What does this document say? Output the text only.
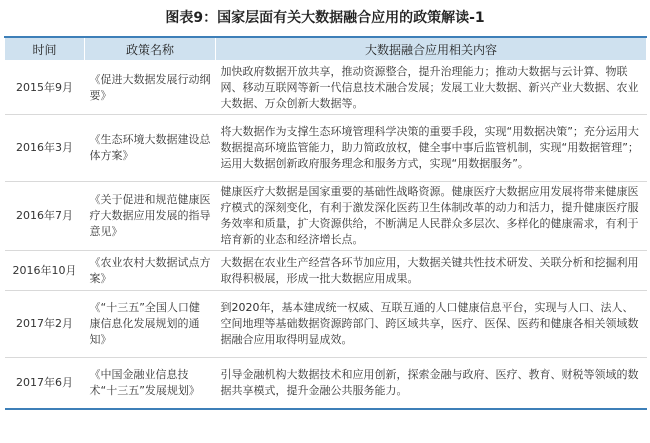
图表9：国家层面有关大数据融合应用的政策解读-1
时间	政策名称	大数据融合应用相关内容
2015年9月	《促进大数据发展行动纲要》	加快政府数据开放共享，推动资源整合，提升治理能力；推动大数据与云计算、物联网、移动互联网等新一代信息技术融合发展；发展工业大数据、新兴产业大数据、农业大数据、万众创新大数据等。
2016年3月	《生态环境大数据建设总体方案》	将大数据作为支撑生态环境管理科学决策的重要手段，实现“用数据决策”；充分运用大数据提高环境监管能力，助力简政放权，健全事中事后监管机制，实现“用数据管理”；运用大数据创新政府服务理念和服务方式，实现“用数据服务”。
2016年7月	《关于促进和规范健康医疗大数据应用发展的指导意见》	健康医疗大数据是国家重要的基础性战略资源。健康医疗大数据应用发展将带来健康医疗模式的深刻变化，有利于激发深化医药卫生体制改革的动力和活力，提升健康医疗服务效率和质量，扩大资源供给，不断满足人民群众多层次、多样化的健康需求，有利于培育新的业态和经济增长点。
2016年10月	《农业农村大数据试点方案》	大数据在农业生产经营各环节加应用，大数据关键共性技术研发、关联分析和挖掘利用取得积极展，形成一批大数据应用成果。
2017年2月	《“十三五”全国人口健康信息化发展规划的通知》	到2020年，基本建成统一权威、互联互通的人口健康信息平台，实现与人口、法人、空间地理等基础数据资源跨部门、跨区域共享，医疗、医保、医药和健康各相关领域数据融合应用取得明显成效。
2017年6月	《中国金融业信息技术“十三五”发展规划》	引导金融机构大数据技术和应用创新，探索金融与政府、医疗、教育、财税等领域的数据共享模式，提升金融公共服务能力。
